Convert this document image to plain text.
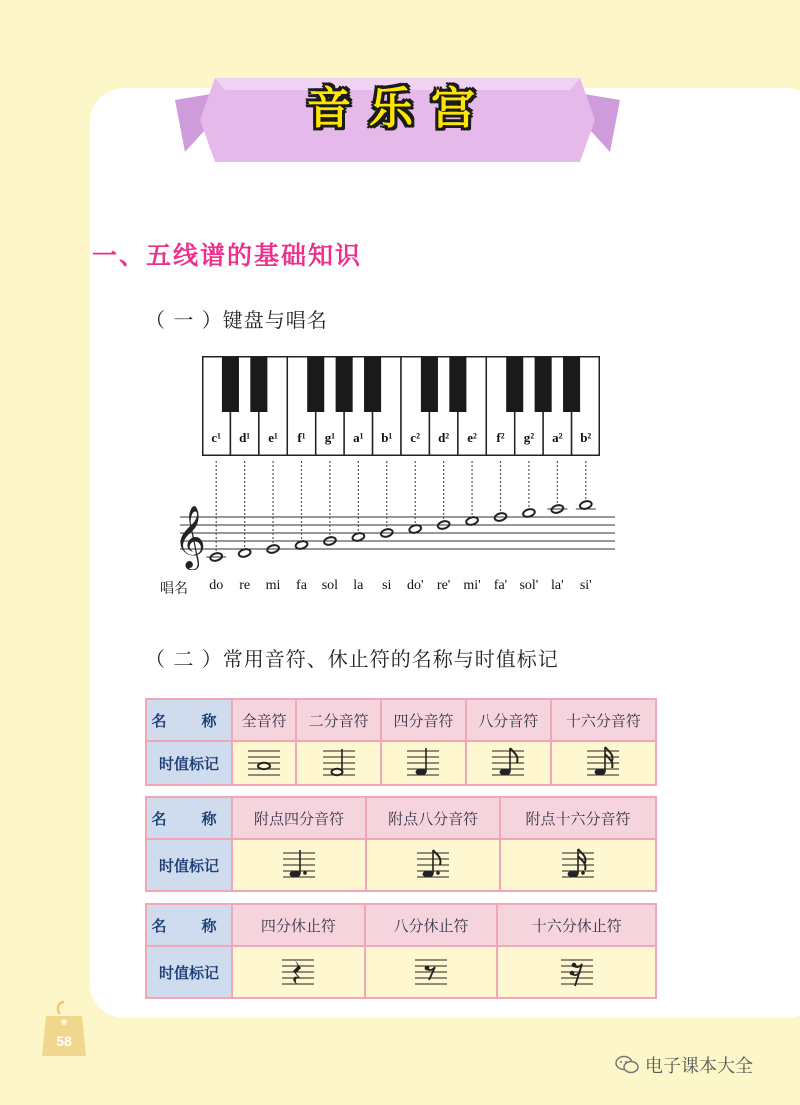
音乐宫
一、五线谱的基础知识
（ 一 ）键盘与唱名
c¹ d¹ e¹ f¹ g¹ a¹ b¹ c² d² e² f² g² a² b²
𝄞
唱名	do	re	mi	fa	sol	la	si	do' re' mi' fa' sol' la'	si'
（ 二 ）常用音符、休止符的名称与时值标记
名　称	全音符	二分音符	四分音符	八分音符	十六分音符
时值标记	

名　称	附点四分音符	附点八分音符	附点十六分音符
时值标记	

名　称	四分休止符	八分休止符	十六分休止符
时值标记	

58
电子课本大全
